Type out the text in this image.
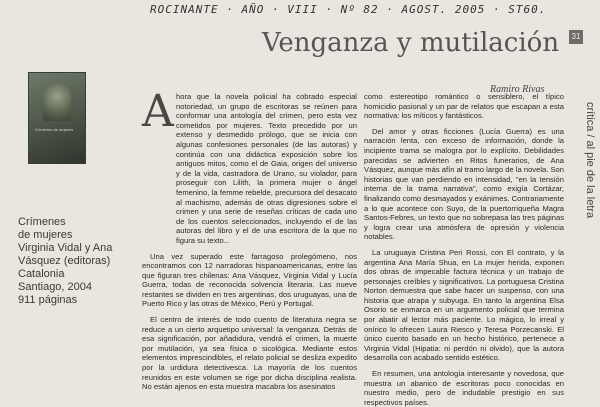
ROCINANTE · AÑO · VIII · Nº 82 · AGOST. 2005 · ST60.
Venganza y mutilación	31
Ramiro Rivas
crítica / al pie de la letra
Crímenes de mujeres
Crímenes
de mujeres
Virginia Vidal y Ana
Vásquez (editoras)
Catalonia
Santiago, 2004
911 páginas
A hora que la novela policial ha cobrado especial notoriedad, un grupo de escritoras se reúnen para conformar una antología del crimen, pero esta vez cometidos por mujeres. Texto precedido por un extenso y desmedido prólogo, que se inicia con algunas confesiones personales (de las autoras) y continúa con una didáctica exposición sobre los antiguos mitos, como el de Gaia, origen del universo y de la vida, castradora de Urano, su violador, para proseguir con Lilith, la primera mujer o ángel femenino, la femme rebelde, precursora del desacato al machismo, además de otras digresiones sobre el crimen y una serie de reseñas críticas de cada uno de los cuentos seleccionados, incluyendo el de las autoras del libro y el de una escritora de la que no figura su texto...

Una vez superado este farragoso prolegómeno, nos encontramos con 12 narradoras hispanoamericanas, entre las que figuran tres chilenas: Ana Vásquez, Virginia Vidal y Lucía Guerra, todas de reconocida solvencia literaria. Las nueve restantes se dividen en tres argentinas, dos uruguayas, una de Puerto Rico y las otras de México, Perú y Portugal.

El centro de interés de todo cuento de literatura negra se reduce a un cierto arquetipo universal: la venganza. Detrás de esa significación, por añadidura, vendrá el crimen, la muerte por mutilación, ya sea física o sicológica. Mediante estos elementos imprescindibles, el relato policial se desliza expedito por la urdidura detectivesca. La mayoría de los cuentos reunidos en este volumen se rige por dicha disciplina realista. No están ajenos en esta muestra macabra los asesinatos

como estereotipo romántico o sensiblero, el típico homicidio pasional y un par de relatos que escapan a esta normativa: los míticos y fantásticos.

Del amor y otras ficciones (Lucía Guerra) es una narración lenta, con exceso de información, donde la incipiente trama se malogra por lo explícito. Debilidades parecidas se advierten en Ritos funerarios, de Ana Vásquez, aunque más afín al tramo largo de la novela. Son historias que van perdiendo en intensidad, "en la tensión interna de la trama narrativa", como exigía Cortázar, finalizando como desmayados y exánimes. Contrariamente a lo que acontece con Suyo, de la puertorriqueña Magra Santos-Febres, un texto que no sobrepasa las tres páginas y logra crear una atmósfera de opresión y violencia notables.

La uruguaya Cristina Peri Rossi, con El contrato, y la argentina Ana María Shua, en La mujer herida, exponen dos obras de impecable factura técnica y un trabajo de personajes creíbles y significativos. La portuguesa Cristina Norton demuestra que sabe hacer un suspenso, con una historia que atrapa y subyuga. En tanto la argentina Elsa Osorio se enmarca en un argumento policial que termina por abatir al lector más paciente. Lo mágico, lo irreal y onírico lo ofrecen Laura Riesco y Teresa Porzecanski. El único cuento basado en un hecho histórico, pertenece a Virginia Vidal (Hipatia: ni perdón ni olvido), que la autora desarrolla con acabado sentido estético.

En resumen, una antología interesante y novedosa, que muestra un abanico de escritoras poco conocidas en nuestro medio, pero de indudable prestigio en sus respectivos países.
